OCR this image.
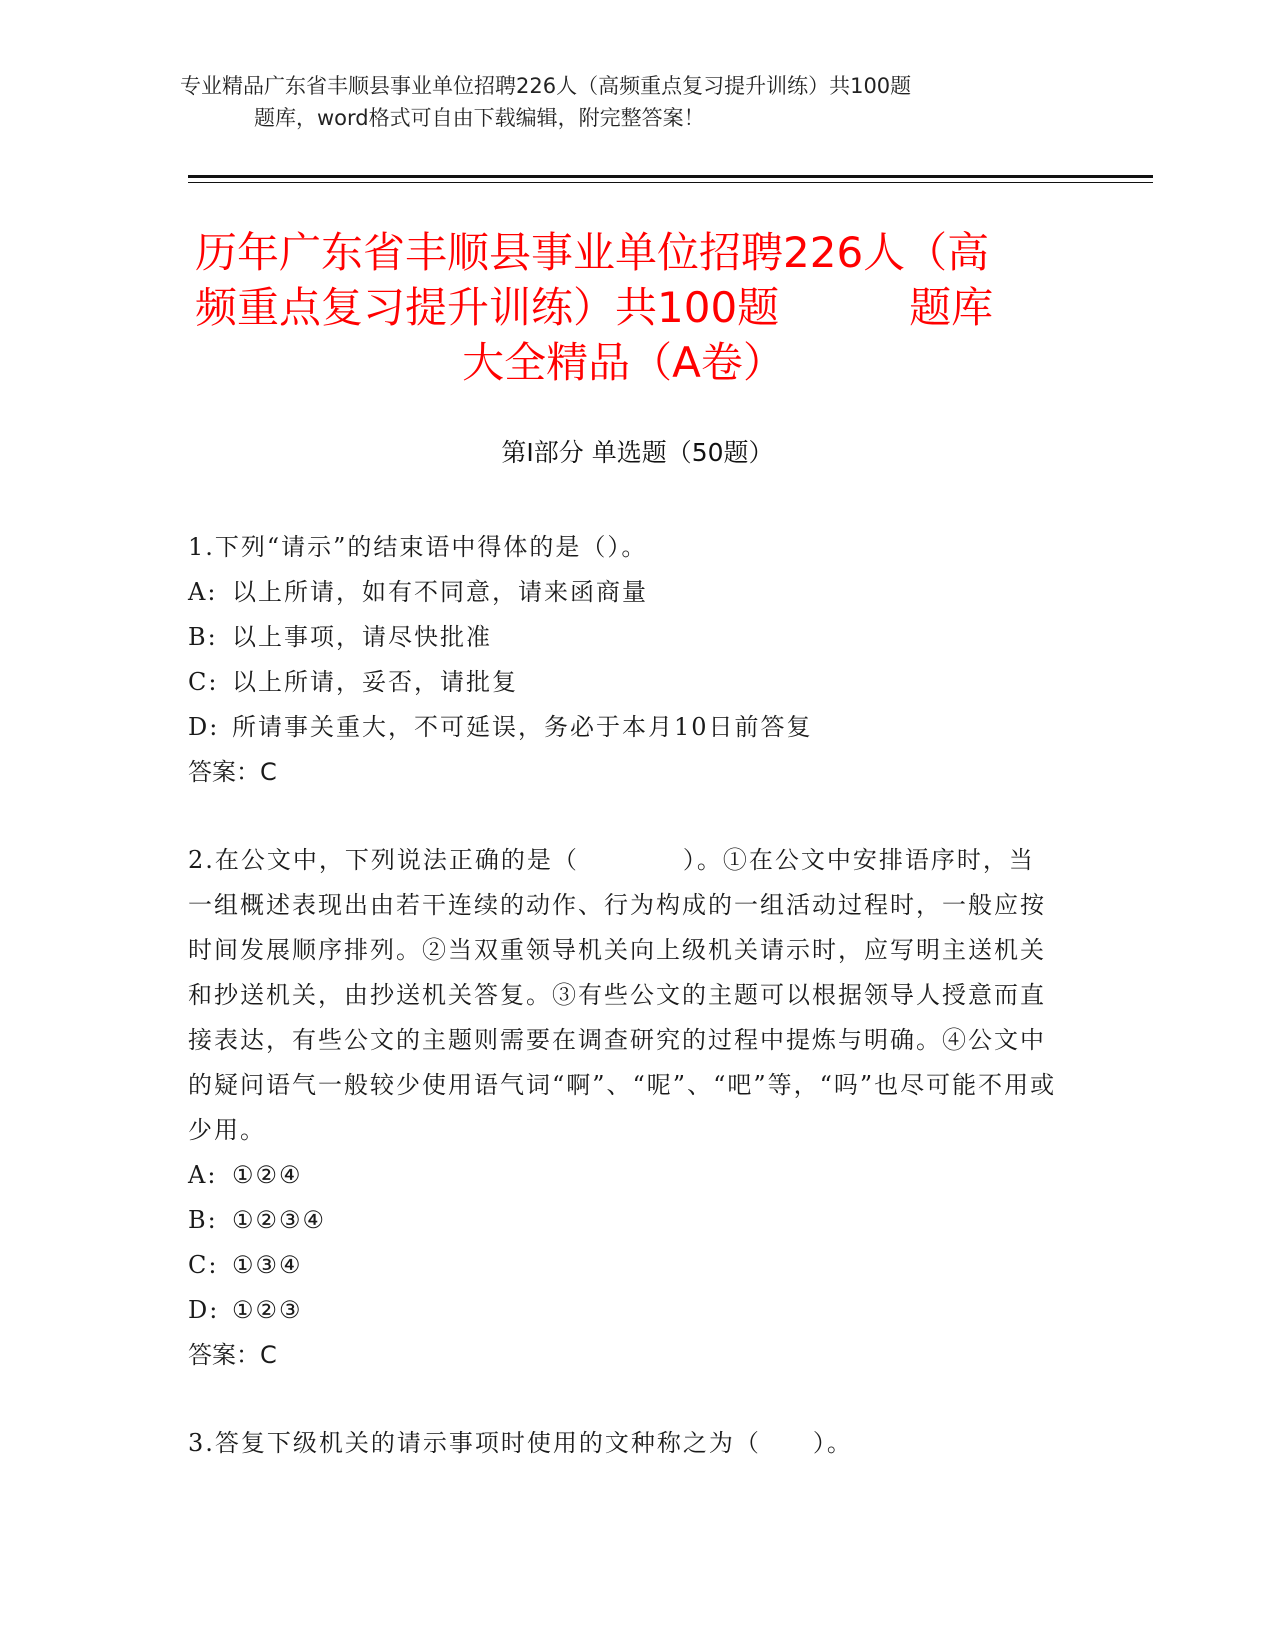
专业精品广东省丰顺县事业单位招聘226人（高频重点复习提升训练）共100题
题库，word格式可自由下载编辑，附完整答案！
历年广东省丰顺县事业单位招聘226人（高
频重点复习提升训练）共100题	题库
大全精品（A卷）
第I部分 单选题（50题）
1.下列“请示”的结束语中得体的是（）。
A: 以上所请，如有不同意，请来函商量
B: 以上事项，请尽快批准
C: 以上所请，妥否，请批复
D: 所请事关重大，不可延误，务必于本月10日前答复
答案：C
2.在公文中，下列说法正确的是（　　　　）。①在公文中安排语序时，当一组概述表现出由若干连续的动作、行为构成的一组活动过程时，一般应按时间发展顺序排列。②当双重领导机关向上级机关请示时，应写明主送机关和抄送机关，由抄送机关答复。③有些公文的主题可以根据领导人授意而直接表达，有些公文的主题则需要在调查研究的过程中提炼与明确。④公文中的疑问语气一般较少使用语气词“啊”、“呢”、“吧”等，“吗”也尽可能不用或少用。
A: ①②④
B: ①②③④
C: ①③④
D: ①②③
答案：C
3.答复下级机关的请示事项时使用的文种称之为（　　）。
